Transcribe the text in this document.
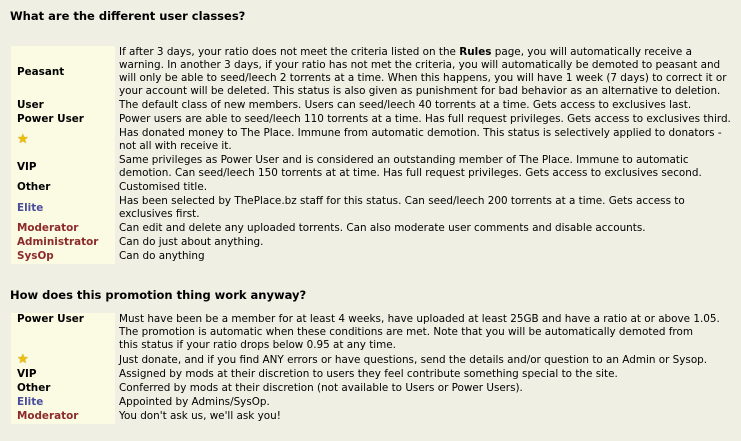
What are the different user classes?
Peasant	If after 3 days, your ratio does not meet the criteria listed on the Rules page, you will automatically receive a warning. In another 3 days, if your ratio has not met the criteria, you will automatically be demoted to peasant and will only be able to seed/leech 2 torrents at a time. When this happens, you will have 1 week (7 days) to correct it or your account will be deleted. This status is also given as punishment for bad behavior as an alternative to deletion.
User	The default class of new members. Users can seed/leech 40 torrents at a time. Gets access to exclusives last.
Power User	Power users are able to seed/leech 110 torrents at a time. Has full request privileges. Gets access to exclusives third.
★	Has donated money to The Place. Immune from automatic demotion. This status is selectively applied to donators - not all with receive it.
VIP	Same privileges as Power User and is considered an outstanding member of The Place. Immune to automatic demotion. Can seed/leech 150 torrents at at time. Has full request privileges. Gets access to exclusives second.
Other	Customised title.
Elite	Has been selected by ThePlace.bz staff for this status. Can seed/leech 200 torrents at a time. Gets access to exclusives first.
Moderator	Can edit and delete any uploaded torrents. Can also moderate user comments and disable accounts.
Administrator	Can do just about anything.
SysOp	Can do anything
How does this promotion thing work anyway?
Power User	Must have been be a member for at least 4 weeks, have uploaded at least 25GB and have a ratio at or above 1.05.
The promotion is automatic when these conditions are met. Note that you will be automatically demoted from
this status if your ratio drops below 0.95 at any time.

★	Just donate, and if you find ANY errors or have questions, send the details and/or question to an Admin or Sysop.
VIP	Assigned by mods at their discretion to users they feel contribute something special to the site.
Other	Conferred by mods at their discretion (not available to Users or Power Users).
Elite	Appointed by Admins/SysOp.
Moderator	You don't ask us, we'll ask you!
